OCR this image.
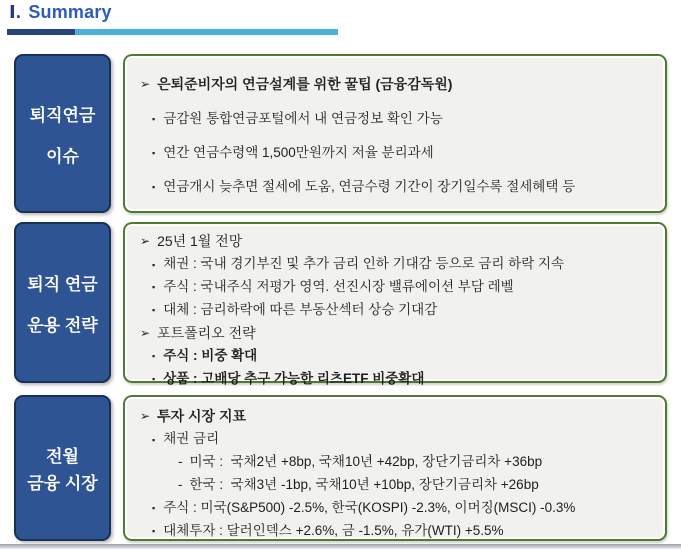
Ⅰ. Summary
퇴직연금
이슈
➢ 은퇴준비자의 연금설계를 위한 꿀팁 (금융감독원)
▪ 금감원 통합연금포털에서 내 연금정보 확인 가능
▪ 연간 연금수령액 1,500만원까지 저율 분리과세
▪ 연금개시 늦추면 절세에 도움, 연금수령 기간이 장기일수록 절세혜택 등
퇴직 연금
운용 전략
➢ 25년 1월 전망
▪ 채권 : 국내 경기부진 및 추가 금리 인하 기대감 등으로 금리 하락 지속
▪ 주식 : 국내주식 저평가 영역. 선진시장 밸류에이션 부담 레벨
▪ 대체 : 금리하락에 따른 부동산섹터 상승 기대감
➢ 포트폴리오 전략
▪ 주식 : 비중 확대
▪ 상품 : 고배당 추구 가능한 리츠ETF 비중확대
전월
금융 시장
➢ 투자 시장 지표
▪ 채권 금리
- 미국 :  국채2년 +8bp, 국채10년 +42bp, 장단기금리차 +36bp
- 한국 :  국채3년 -1bp, 국채10년 +10bp, 장단기금리차 +26bp
▪ 주식 : 미국(S&P500) -2.5%, 한국(KOSPI) -2.3%, 이머징(MSCI) -0.3%
▪ 대체투자 : 달러인덱스 +2.6%, 금 -1.5%, 유가(WTI) +5.5%
